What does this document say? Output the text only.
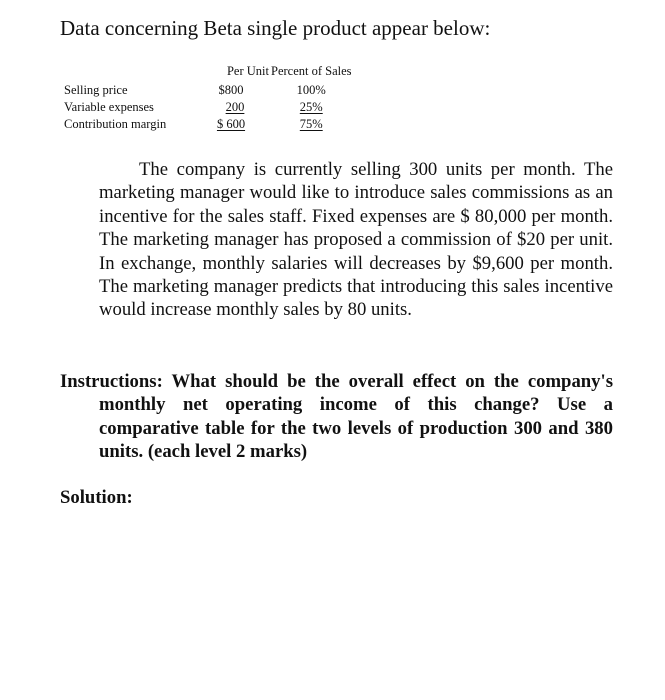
Data concerning Beta single product appear below:
	Per Unit	Percent of Sales
Selling price	$800	100%
Variable expenses	200	25%
Contribution margin	$ 600	75%

The company is currently selling 300 units per month. The marketing manager would like to introduce sales commissions as an incentive for the sales staff. Fixed expenses are $ 80,000 per month. The marketing manager has proposed a commission of $20 per unit. In exchange, monthly salaries will decreases by $9,600 per month. The marketing manager predicts that introducing this sales incentive would increase monthly sales by 80 units.

Instructions: What should be the overall effect on the company's monthly net operating income of this change? Use a comparative table for the two levels of production 300 and 380 units. (each level 2 marks)

Solution:
